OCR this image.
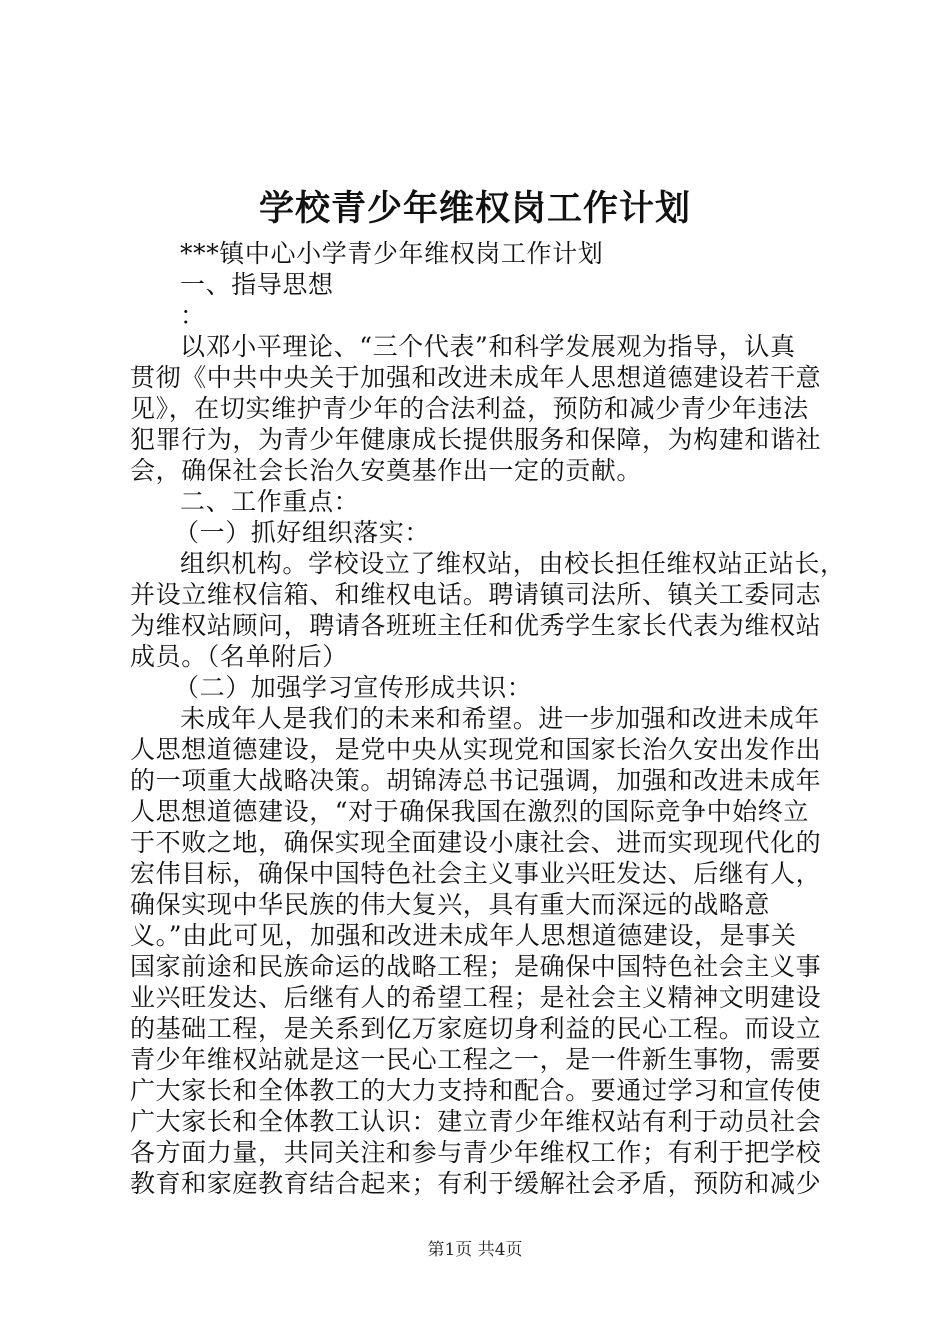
学校青少年维权岗工作计划
***镇中心小学青少年维权岗工作计划
一、指导思想
：
以邓小平理论、“三个代表”和科学发展观为指导，认真
贯彻《中共中央关于加强和改进未成年人思想道德建设若干意
见》，在切实维护青少年的合法利益，预防和减少青少年违法
犯罪行为，为青少年健康成长提供服务和保障，为构建和谐社
会，确保社会长治久安奠基作出一定的贡献。
二、工作重点：
（一）抓好组织落实：
组织机构。学校设立了维权站，由校长担任维权站正站长，
并设立维权信箱、和维权电话。聘请镇司法所、镇关工委同志
为维权站顾问，聘请各班班主任和优秀学生家长代表为维权站
成员。（名单附后）
（二）加强学习宣传形成共识：
未成年人是我们的未来和希望。进一步加强和改进未成年
人思想道德建设，是党中央从实现党和国家长治久安出发作出
的一项重大战略决策。胡锦涛总书记强调，加强和改进未成年
人思想道德建设，“对于确保我国在激烈的国际竞争中始终立
于不败之地，确保实现全面建设小康社会、进而实现现代化的
宏伟目标，确保中国特色社会主义事业兴旺发达、后继有人，
确保实现中华民族的伟大复兴，具有重大而深远的战略意
义。”由此可见，加强和改进未成年人思想道德建设，是事关
国家前途和民族命运的战略工程；是确保中国特色社会主义事
业兴旺发达、后继有人的希望工程；是社会主义精神文明建设
的基础工程，是关系到亿万家庭切身利益的民心工程。而设立
青少年维权站就是这一民心工程之一，是一件新生事物，需要
广大家长和全体教工的大力支持和配合。要通过学习和宣传使
广大家长和全体教工认识：建立青少年维权站有利于动员社会
各方面力量，共同关注和参与青少年维权工作；有利于把学校
教育和家庭教育结合起来；有利于缓解社会矛盾，预防和减少
第1页 共4页
